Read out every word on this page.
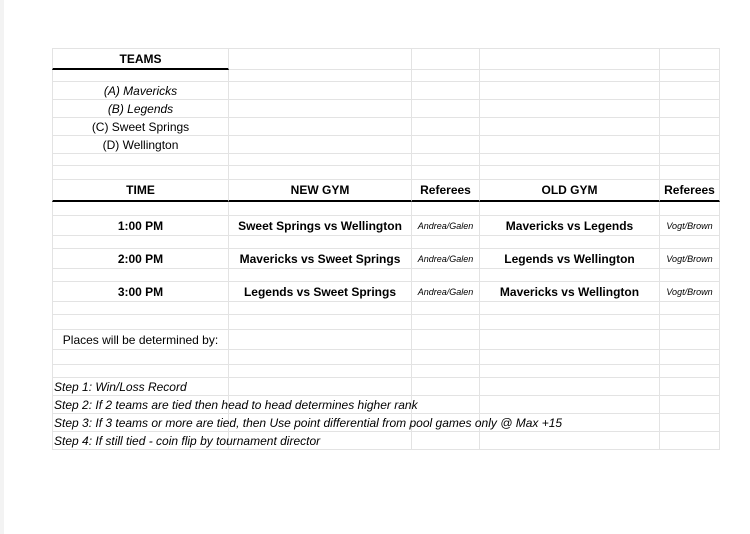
TEAMS
(A) Mavericks
(B) Legends
(C) Sweet Springs
(D) Wellington
TIME	NEW GYM	Referees	OLD GYM	Referees
1:00 PM	Sweet Springs vs Wellington	Andrea/Galen	Mavericks vs Legends	Vogt/Brown
2:00 PM	Mavericks vs Sweet Springs	Andrea/Galen	Legends vs Wellington	Vogt/Brown
3:00 PM	Legends vs Sweet Springs	Andrea/Galen	Mavericks vs Wellington	Vogt/Brown
Places will be determined by:
Step 1: Win/Loss Record
Step 2: If 2 teams are tied then head to head determines higher rank
Step 3: If 3 teams or more are tied, then Use point differential from pool games only @ Max +15
Step 4: If still tied - coin flip by tournament director
